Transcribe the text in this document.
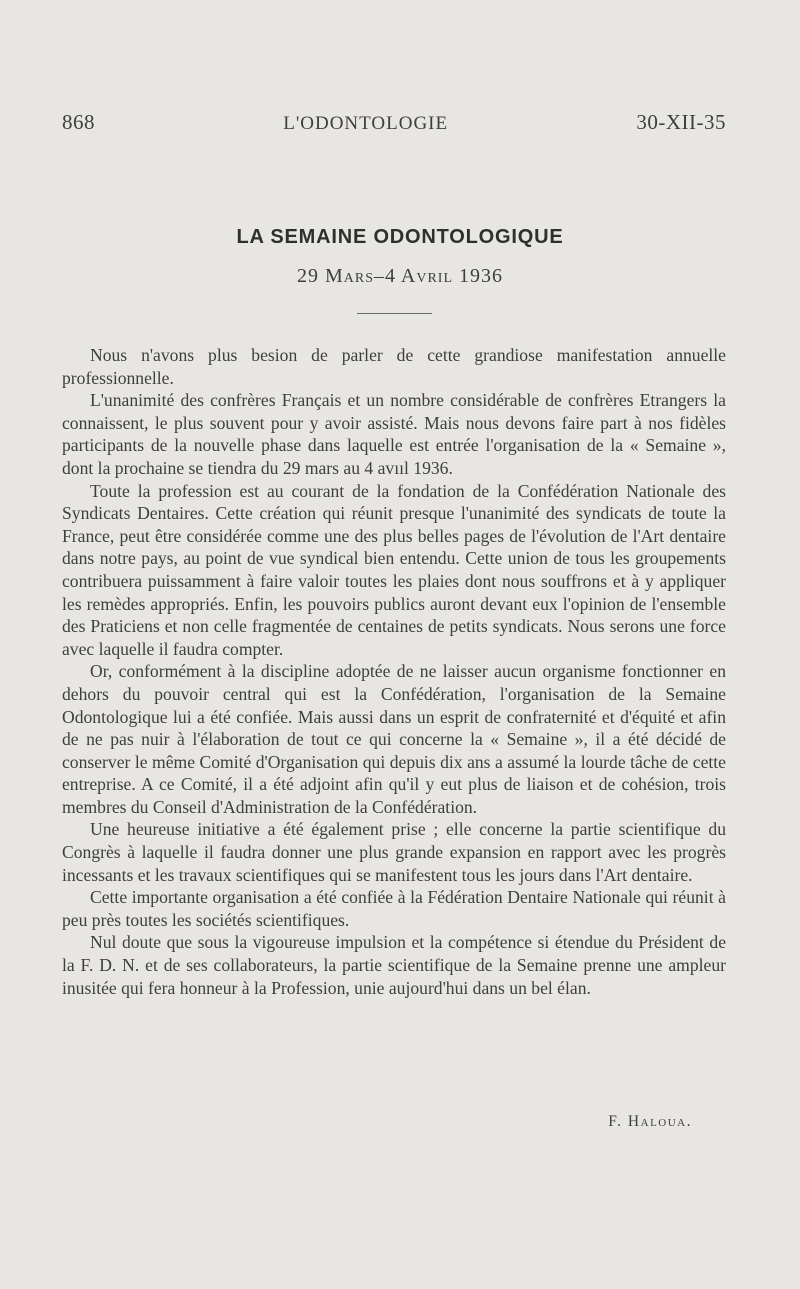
868	L'ODONTOLOGIE	30-XII-35
LA SEMAINE ODONTOLOGIQUE
29 Mars–4 Avril 1936

Nous n'avons plus besion de parler de cette grandiose manifestation annuelle professionnelle.

L'unanimité des confrères Français et un nombre considérable de confrères Etrangers la connaissent, le plus souvent pour y avoir assisté. Mais nous devons faire part à nos fidèles participants de la nouvelle phase dans laquelle est entrée l'organisation de la « Semaine », dont la prochaine se tiendra du 29 mars au 4 avııl 1936.

Toute la profession est au courant de la fondation de la Confédération Nationale des Syndicats Dentaires. Cette création qui réunit presque l'unanimité des syndicats de toute la France, peut être considérée comme une des plus belles pages de l'évolution de l'Art dentaire dans notre pays, au point de vue syndical bien entendu. Cette union de tous les groupements contribuera puissamment à faire valoir toutes les plaies dont nous souffrons et à y appliquer les remèdes appropriés. Enfin, les pouvoirs publics auront devant eux l'opinion de l'ensemble des Praticiens et non celle fragmentée de centaines de petits syndicats. Nous serons une force avec laquelle il faudra compter.

Or, conformément à la discipline adoptée de ne laisser aucun organisme fonctionner en dehors du pouvoir central qui est la Confédération, l'organisation de la Semaine Odontologique lui a été confiée. Mais aussi dans un esprit de confraternité et d'équité et afin de ne pas nuir à l'élaboration de tout ce qui concerne la « Semaine », il a été décidé de conserver le même Comité d'Organisation qui depuis dix ans a assumé la lourde tâche de cette entreprise. A ce Comité, il a été adjoint afin qu'il y eut plus de liaison et de cohésion, trois membres du Conseil d'Administration de la Confédération.

Une heureuse initiative a été également prise ; elle concerne la partie scientifique du Congrès à laquelle il faudra donner une plus grande expansion en rapport avec les progrès incessants et les travaux scientifiques qui se manifestent tous les jours dans l'Art dentaire.

Cette importante organisation a été confiée à la Fédération Dentaire Nationale qui réunit à peu près toutes les sociétés scientifiques.

Nul doute que sous la vigoureuse impulsion et la compétence si étendue du Président de la F. D. N. et de ses collaborateurs, la partie scientifique de la Semaine prenne une ampleur inusitée qui fera honneur à la Profession, unie aujourd'hui dans un bel élan.

F. Haloua.
